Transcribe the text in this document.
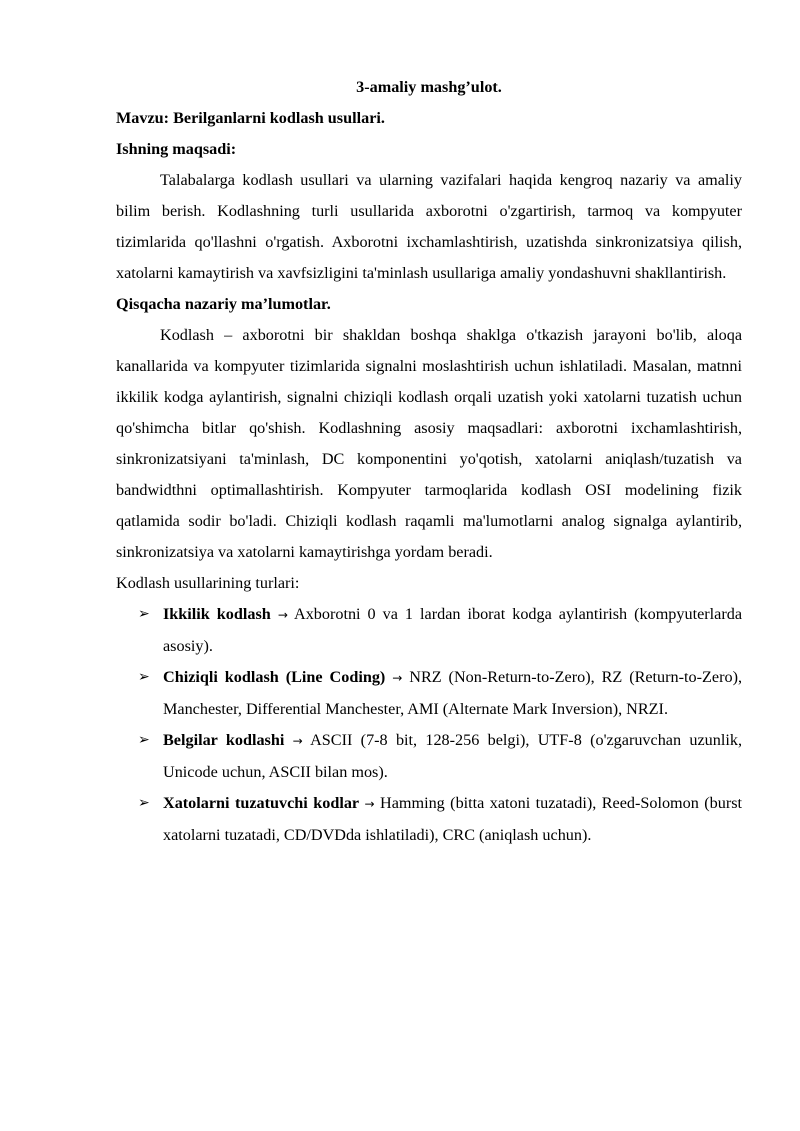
3-amaliy mashg’ulot.

Mavzu: Berilganlarni kodlash usullari.

Ishning maqsadi:

Talabalarga kodlash usullari va ularning vazifalari haqida kengroq nazariy va amaliy bilim berish. Kodlashning turli usullarida axborotni o'zgartirish, tarmoq va kompyuter tizimlarida qo'llashni o'rgatish. Axborotni ixchamlashtirish, uzatishda sinkronizatsiya qilish, xatolarni kamaytirish va xavfsizligini ta'minlash usullariga amaliy yondashuvni shakllantirish.

Qisqacha nazariy ma’lumotlar.

Kodlash – axborotni bir shakldan boshqa shaklga o'tkazish jarayoni bo'lib, aloqa kanallarida va kompyuter tizimlarida signalni moslashtirish uchun ishlatiladi. Masalan, matnni ikkilik kodga aylantirish, signalni chiziqli kodlash orqali uzatish yoki xatolarni tuzatish uchun qo'shimcha bitlar qo'shish. Kodlashning asosiy maqsadlari: axborotni ixchamlashtirish, sinkronizatsiyani ta'minlash, DC komponentini yo'qotish, xatolarni aniqlash/tuzatish va bandwidthni optimallashtirish. Kompyuter tarmoqlarida kodlash OSI modelining fizik qatlamida sodir bo'ladi. Chiziqli kodlash raqamli ma'lumotlarni analog signalga aylantirib, sinkronizatsiya va xatolarni kamaytirishga yordam beradi.

Kodlash usullarining turlari:

➢ Ikkilik kodlash → Axborotni 0 va 1 lardan iborat kodga aylantirish (kompyuterlarda asosiy).
➢ Chiziqli kodlash (Line Coding) → NRZ (Non-Return-to-Zero), RZ (Return-to-Zero), Manchester, Differential Manchester, AMI (Alternate Mark Inversion), NRZI.
➢ Belgilar kodlashi → ASCII (7-8 bit, 128-256 belgi), UTF-8 (o'zgaruvchan uzunlik, Unicode uchun, ASCII bilan mos).
➢ Xatolarni tuzatuvchi kodlar → Hamming (bitta xatoni tuzatadi), Reed-Solomon (burst xatolarni tuzatadi, CD/DVDda ishlatiladi), CRC (aniqlash uchun).
